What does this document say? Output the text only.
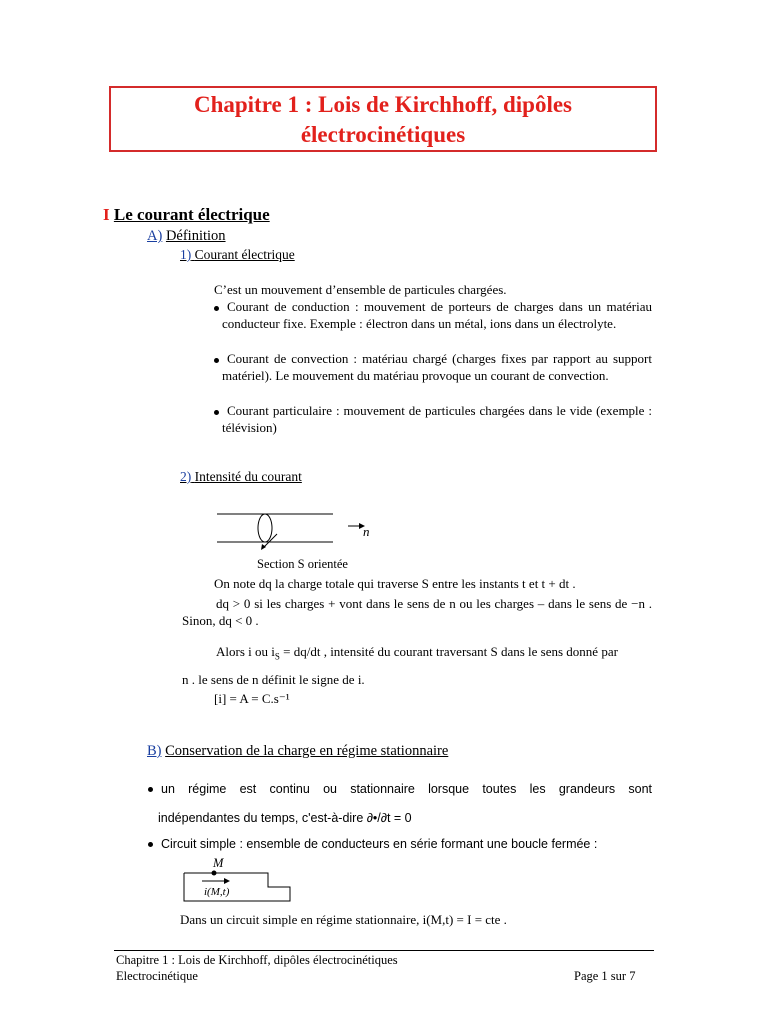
Chapitre 1 : Lois de Kirchhoff, dipôles
électrocinétiques
I Le courant électrique
A) Définition
1) Courant électrique
C’est un mouvement d’ensemble de particules chargées.
Courant de conduction : mouvement de porteurs de charges dans un matériau conducteur fixe. Exemple : électron dans un métal, ions dans un électrolyte.
Courant de convection : matériau chargé (charges fixes par rapport au support matériel). Le mouvement du matériau provoque un courant de convection.
Courant particulaire : mouvement de particules chargées dans le vide (exemple : télévision)
2) Intensité du courant
n
Section S orientée
On note dq la charge totale qui traverse S entre les instants t et t + dt .
dq > 0 si les charges + vont dans le sens de n ou les charges – dans le sens de −n . Sinon, dq < 0 .
Alors i ou $i_S = dq/dt$ , intensité du courant traversant S dans le sens donné par
n . le sens de n définit le signe de i.
[i] = A = C.s⁻¹
B) Conservation de la charge en régime stationnaire
un régime est continu ou stationnaire lorsque toutes les grandeurs sont
indépendantes du temps, c'est-à-dire ∂•/∂t = 0
Circuit simple : ensemble de conducteurs en série formant une boucle fermée :
M
i(M,t)
Dans un circuit simple en régime stationnaire, i(M,t) = I = cte .
Chapitre 1 : Lois de Kirchhoff, dipôles électrocinétiques
Electrocinétique	Page 1 sur 7
